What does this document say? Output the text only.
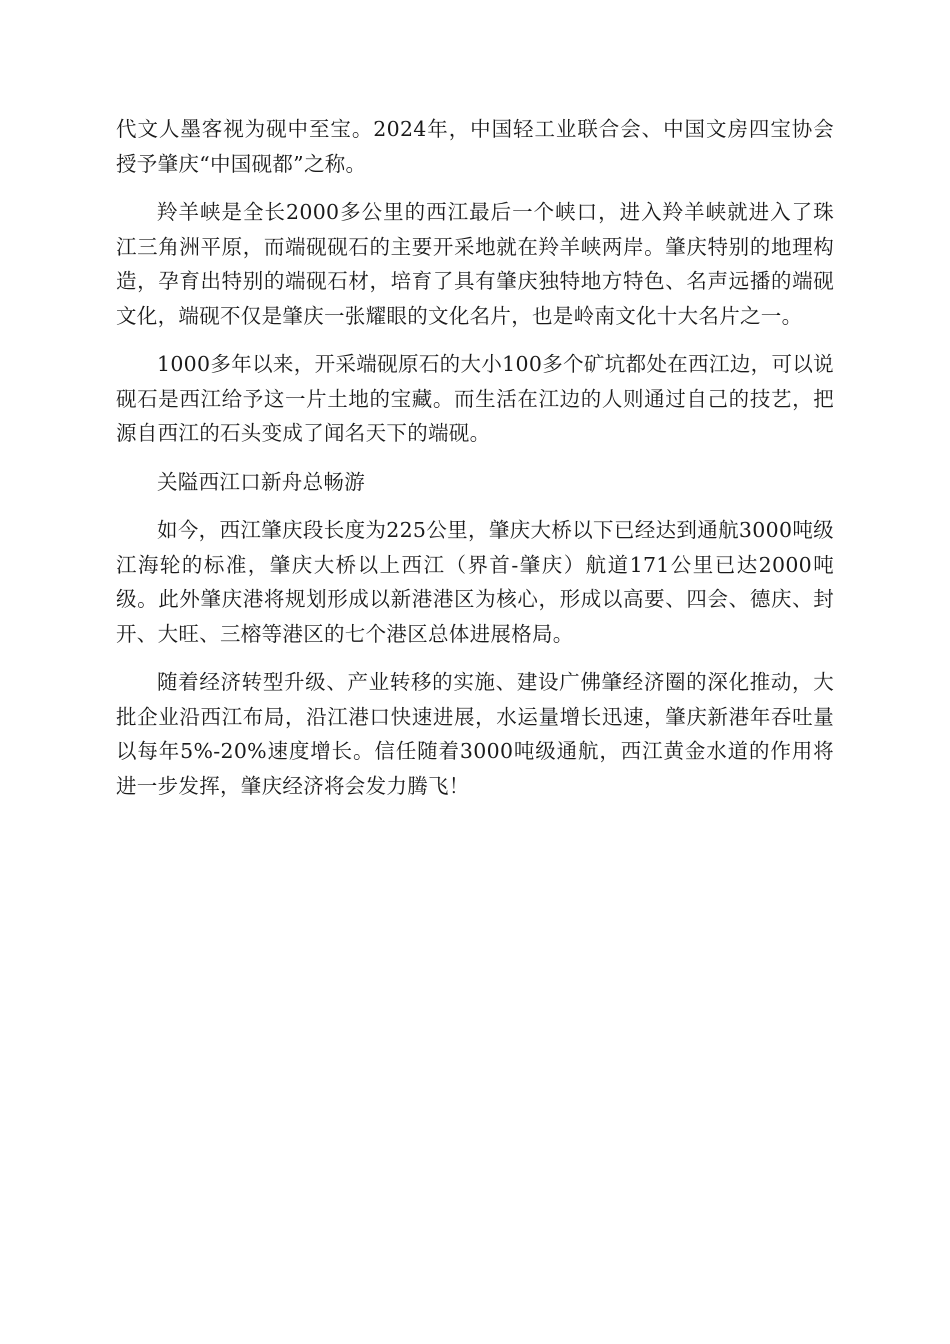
代文人墨客视为砚中至宝。2024年，中国轻工业联合会、中国文房四宝协会授予肇庆“中国砚都”之称。

羚羊峡是全长2000多公里的西江最后一个峡口，进入羚羊峡就进入了珠江三角洲平原，而端砚砚石的主要开采地就在羚羊峡两岸。肇庆特别的地理构造，孕育出特别的端砚石材，培育了具有肇庆独特地方特色、名声远播的端砚文化，端砚不仅是肇庆一张耀眼的文化名片，也是岭南文化十大名片之一。

1000多年以来，开采端砚原石的大小100多个矿坑都处在西江边，可以说砚石是西江给予这一片土地的宝藏。而生活在江边的人则通过自己的技艺，把源自西江的石头变成了闻名天下的端砚。

关隘西江口新舟总畅游

如今，西江肇庆段长度为225公里，肇庆大桥以下已经达到通航3000吨级江海轮的标准，肇庆大桥以上西江（界首-肇庆）航道171公里已达2000吨级。此外肇庆港将规划形成以新港港区为核心，形成以高要、四会、德庆、封开、大旺、三榕等港区的七个港区总体进展格局。

随着经济转型升级、产业转移的实施、建设广佛肇经济圈的深化推动，大批企业沿西江布局，沿江港口快速进展，水运量增长迅速，肇庆新港年吞吐量以每年5%-20%速度增长。信任随着3000吨级通航，西江黄金水道的作用将进一步发挥，肇庆经济将会发力腾飞！
